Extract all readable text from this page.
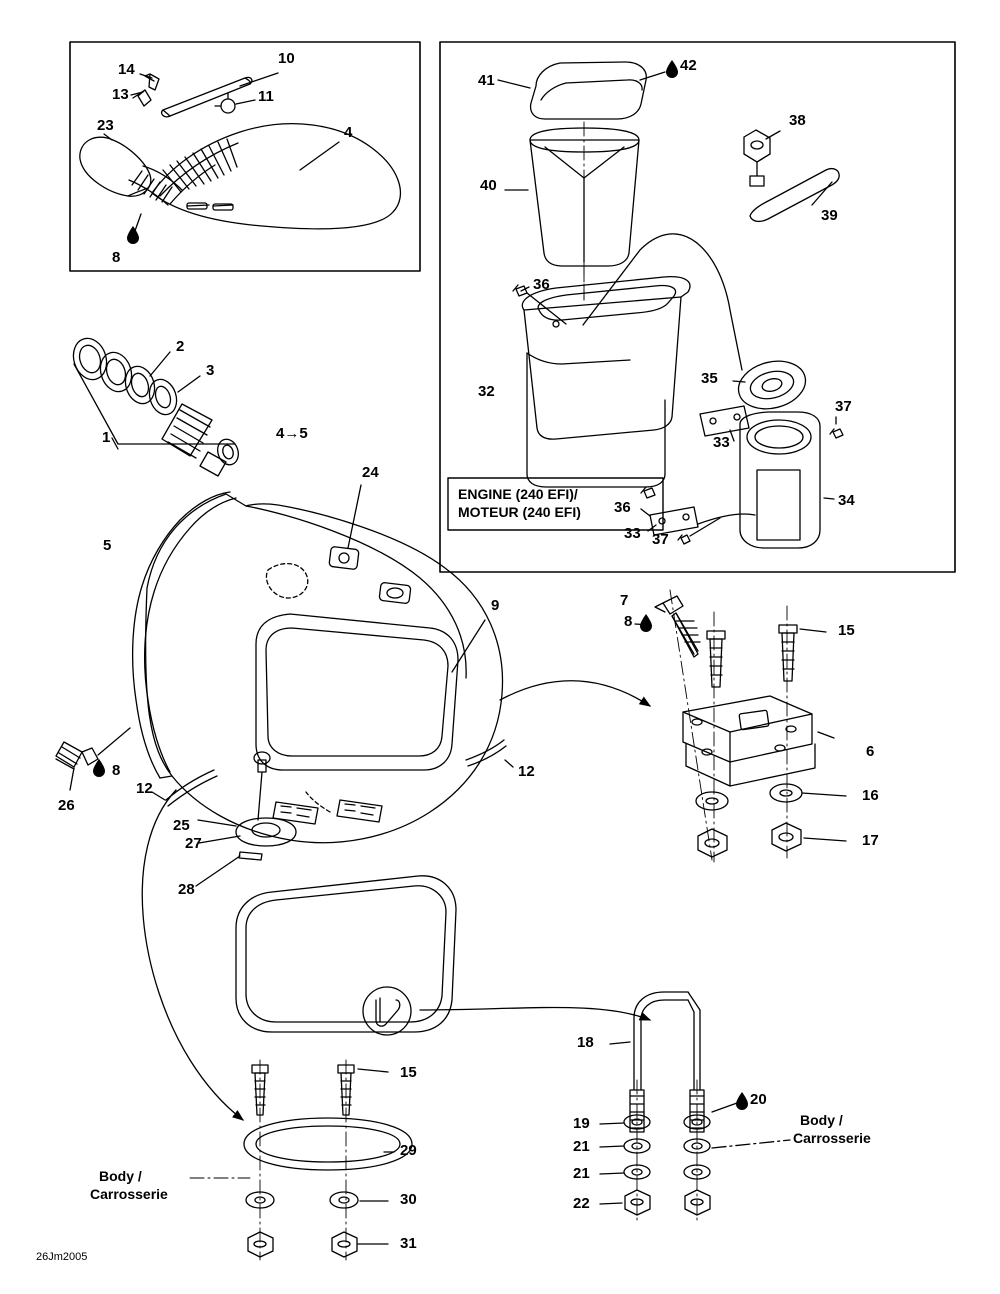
1
2
3
4
5
6
7
8
8
8
9
10
11
12
12
13
14
15
15
16
17
18
19
20
21
21
22
23
24
25
26
27
28
29
30
31
32
33
33
34
35
36
36
37
37
38
39
40
41
42
ENGINE (240 EFI)/
MOTEUR (240 EFI)
Body /
Carrosserie
Body /
Carrosserie
4→5
26Jm2005
